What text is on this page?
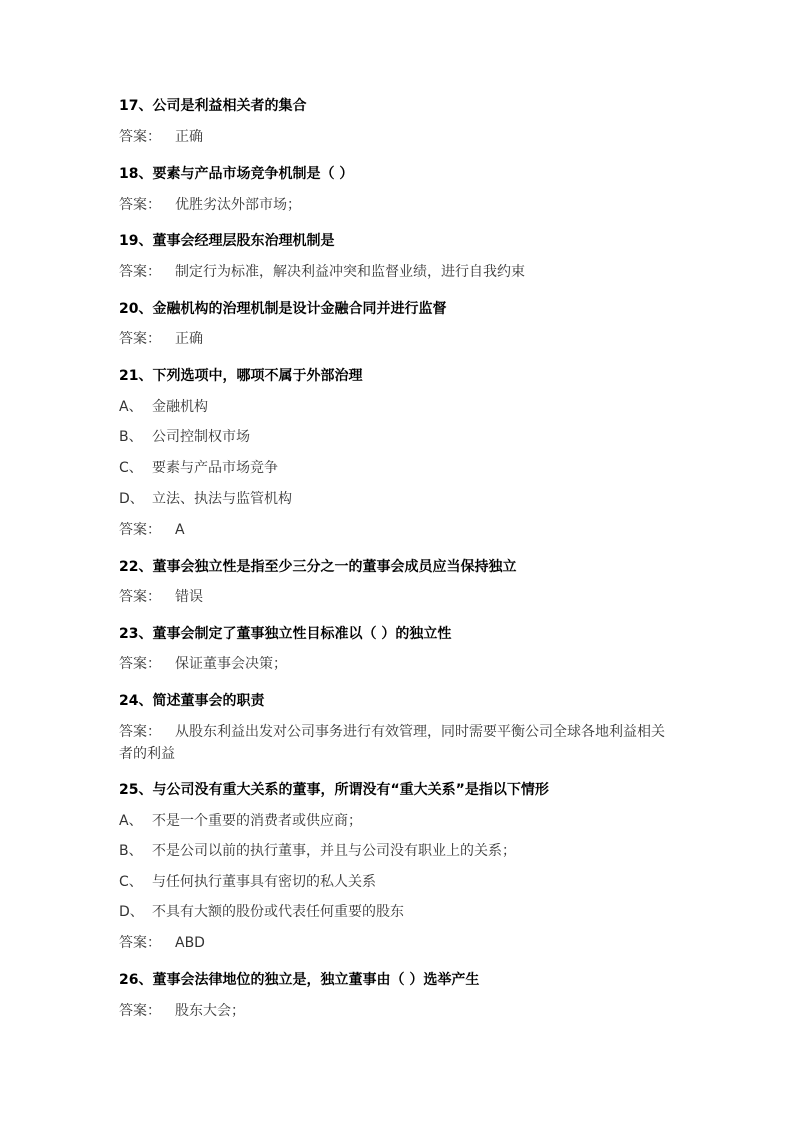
17、公司是利益相关者的集合
答案： 正确
18、要素与产品市场竞争机制是（ ）
答案： 优胜劣汰外部市场；
19、董事会经理层股东治理机制是
答案： 制定行为标准，解决利益冲突和监督业绩，进行自我约束
20、金融机构的治理机制是设计金融合同并进行监督
答案： 正确
21、下列选项中，哪项不属于外部治理
A、 金融机构
B、 公司控制权市场
C、 要素与产品市场竞争
D、 立法、执法与监管机构
答案： A
22、董事会独立性是指至少三分之一的董事会成员应当保持独立
答案： 错误
23、董事会制定了董事独立性目标准以（ ）的独立性
答案： 保证董事会决策；
24、简述董事会的职责
答案： 从股东利益出发对公司事务进行有效管理，同时需要平衡公司全球各地利益相关者的利益
25、与公司没有重大关系的董事，所谓没有“重大关系”是指以下情形
A、 不是一个重要的消费者或供应商；
B、 不是公司以前的执行董事，并且与公司没有职业上的关系；
C、 与任何执行董事具有密切的私人关系
D、 不具有大额的股份或代表任何重要的股东
答案： ABD
26、董事会法律地位的独立是，独立董事由（ ）选举产生
答案： 股东大会；
